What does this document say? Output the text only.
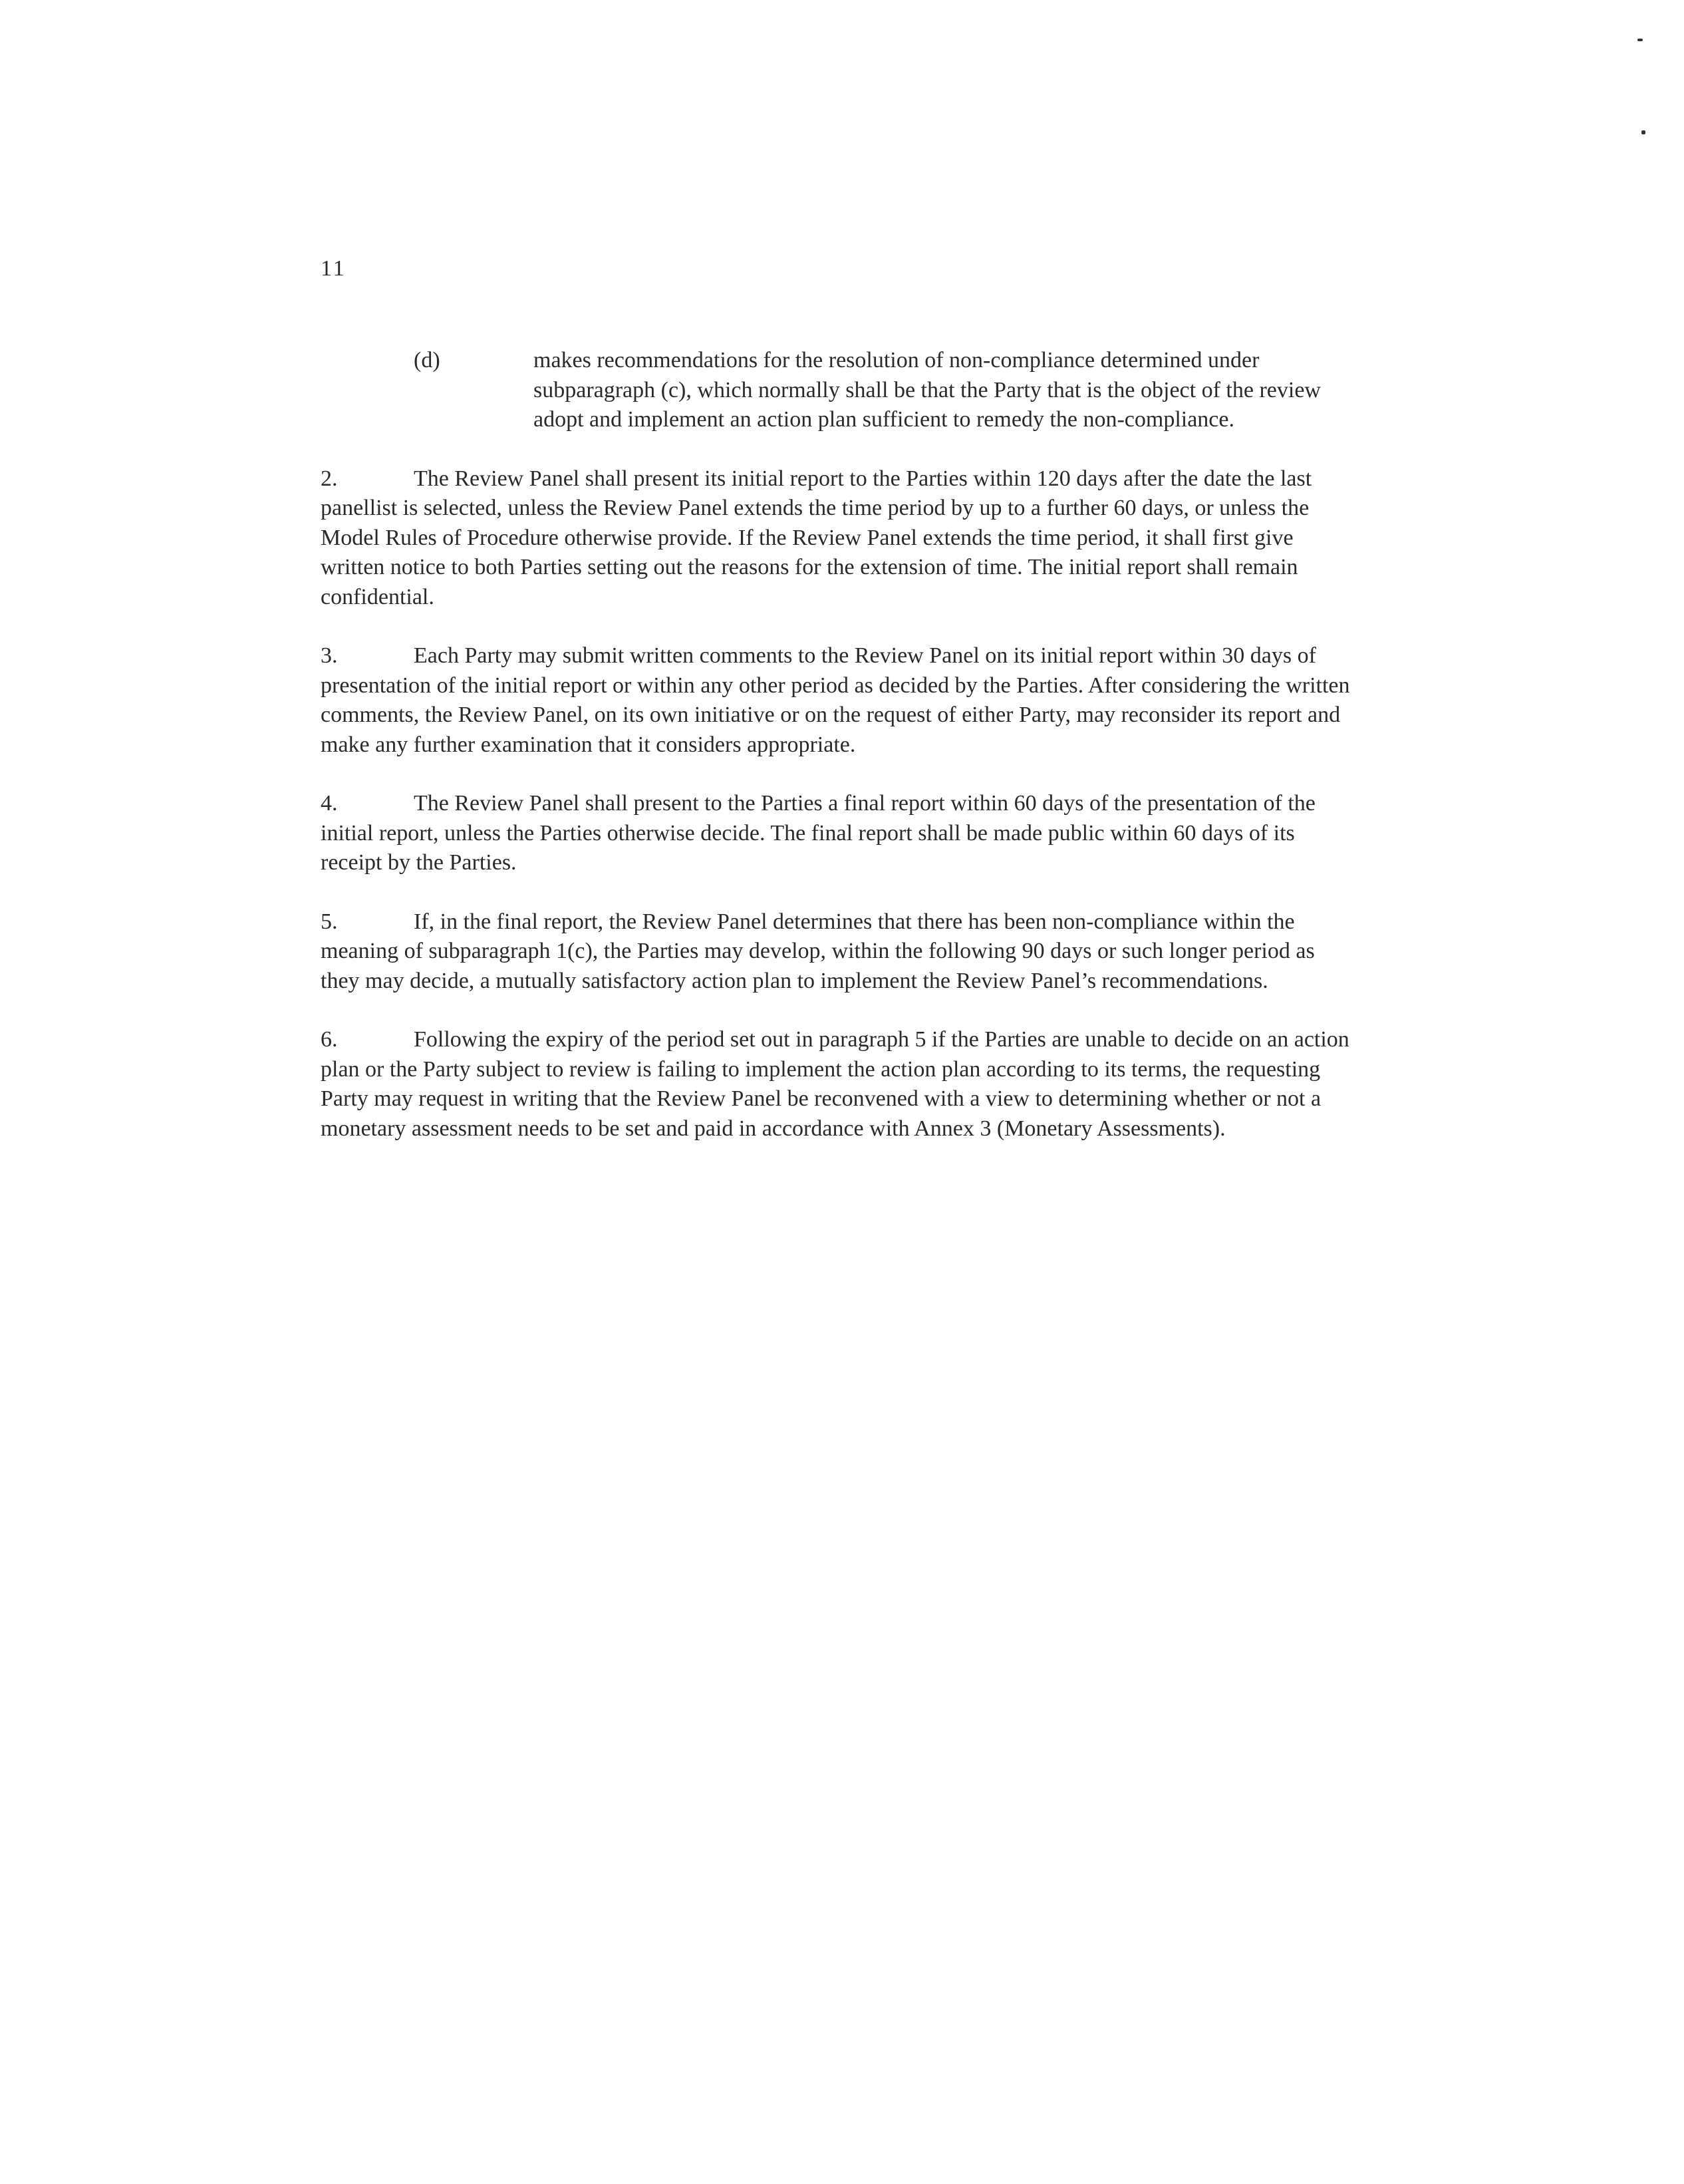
11
(d)	makes recommendations for the resolution of non-compliance determined under subparagraph (c), which normally shall be that the Party that is the object of the review adopt and implement an action plan sufficient to remedy the non-compliance.

2.	The Review Panel shall present its initial report to the Parties within 120 days after the date the last panellist is selected, unless the Review Panel extends the time period by up to a further 60 days, or unless the Model Rules of Procedure otherwise provide. If the Review Panel extends the time period, it shall first give written notice to both Parties setting out the reasons for the extension of time. The initial report shall remain confidential.

3.	Each Party may submit written comments to the Review Panel on its initial report within 30 days of presentation of the initial report or within any other period as decided by the Parties. After considering the written comments, the Review Panel, on its own initiative or on the request of either Party, may reconsider its report and make any further examination that it considers appropriate.

4.	The Review Panel shall present to the Parties a final report within 60 days of the presentation of the initial report, unless the Parties otherwise decide. The final report shall be made public within 60 days of its receipt by the Parties.

5.	If, in the final report, the Review Panel determines that there has been non-compliance within the meaning of subparagraph 1(c), the Parties may develop, within the following 90 days or such longer period as they may decide, a mutually satisfactory action plan to implement the Review Panel’s recommendations.

6.	Following the expiry of the period set out in paragraph 5 if the Parties are unable to decide on an action plan or the Party subject to review is failing to implement the action plan according to its terms, the requesting Party may request in writing that the Review Panel be reconvened with a view to determining whether or not a monetary assessment needs to be set and paid in accordance with Annex 3 (Monetary Assessments).
